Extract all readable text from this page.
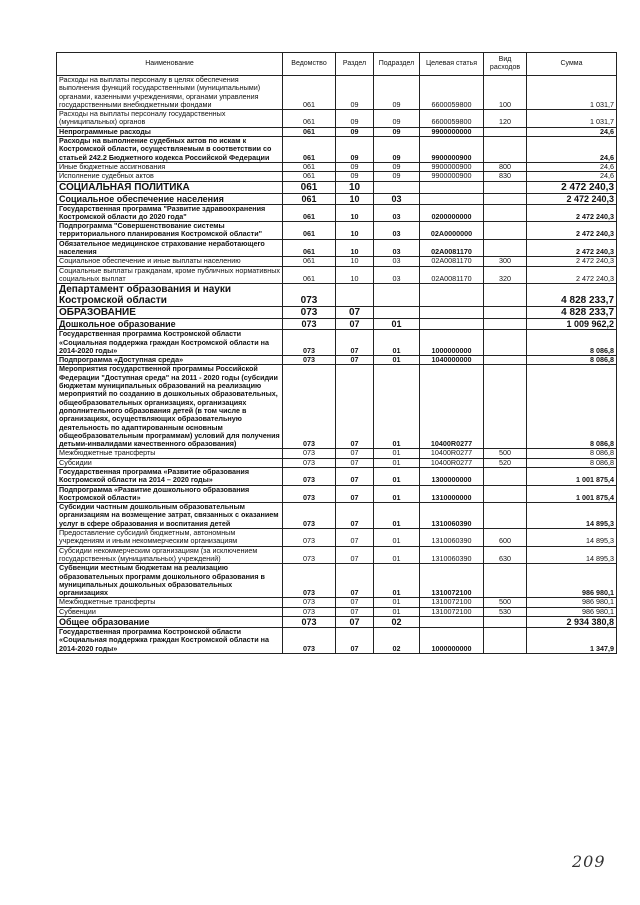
Наименование	Ведомство	Раздел	Подраздел	Целевая статья	Вид расходов	Сумма
Расходы на выплаты персоналу в целях обеспечения выполнения функций государственными (муниципальными) органами, казенными учреждениями, органами управления государственными внебюджетными фондами	061	09	09	6600059800	100	1 031,7
Расходы на выплаты персоналу государственных (муниципальных) органов	061	09	09	6600059800	120	1 031,7
Непрограммные расходы	061	09	09	9900000000		24,6
Расходы на выполнение судебных актов по искам к Костромской области, осуществляемым в соответствии со статьей 242.2 Бюджетного кодекса Российской Федерации	061	09	09	9900000900		24,6
Иные бюджетные ассигнования	061	09	09	9900000900	800	24,6
Исполнение судебных актов	061	09	09	9900000900	830	24,6
СОЦИАЛЬНАЯ ПОЛИТИКА	061	10				2 472 240,3
Социальное обеспечение населения	061	10	03			2 472 240,3
Государственная программа "Развитие здравоохранения Костромской области до 2020 года"	061	10	03	0200000000		2 472 240,3
Подпрограмма "Совершенствование системы территориального планирования Костромской области"	061	10	03	02А0000000		2 472 240,3
Обязательное медицинское страхование неработающего населения	061	10	03	02А0081170		2 472 240,3
Социальное обеспечение и иные выплаты населению	061	10	03	02А0081170	300	2 472 240,3
Социальные выплаты гражданам, кроме публичных нормативных социальных выплат	061	10	03	02А0081170	320	2 472 240,3
Департамент образования и науки Костромской области	073					4 828 233,7
ОБРАЗОВАНИЕ	073	07				4 828 233,7
Дошкольное образование	073	07	01			1 009 962,2
Государственная программа Костромской области «Социальная поддержка граждан Костромской области на 2014-2020 годы»	073	07	01	1000000000		8 086,8
Подпрограмма «Доступная среда»	073	07	01	1040000000		8 086,8
Мероприятия государственной программы Российской Федерации "Доступная среда" на 2011 - 2020 годы (субсидии бюджетам муниципальных образований на реализацию мероприятий по созданию в дошкольных образовательных, общеобразовательных организациях, организациях дополнительного образования детей (в том числе в организациях, осуществляющих образовательную деятельность по адаптированным основным общеобразовательным программам) условий для получения детьми-инвалидами качественного образования)	073	07	01	10400R0277		8 086,8
Межбюджетные трансферты	073	07	01	10400R0277	500	8 086,8
Субсидии	073	07	01	10400R0277	520	8 086,8
Государственная программа «Развитие образования Костромской области на 2014 – 2020 годы»	073	07	01	1300000000		1 001 875,4
Подпрограмма «Развитие дошкольного образования Костромской области»	073	07	01	1310000000		1 001 875,4
Субсидии частным дошкольным образовательным организациям на возмещение затрат, связанных с оказанием услуг в сфере образования и воспитания детей	073	07	01	1310060390		14 895,3
Предоставление субсидий бюджетным, автономным учреждениям и иным некоммерческим организациям	073	07	01	1310060390	600	14 895,3
Субсидии некоммерческим организациям (за исключением государственных (муниципальных) учреждений)	073	07	01	1310060390	630	14 895,3
Субвенции местным бюджетам на реализацию образовательных программ дошкольного образования в муниципальных дошкольных образовательных организациях	073	07	01	1310072100		986 980,1
Межбюджетные трансферты	073	07	01	1310072100	500	986 980,1
Субвенции	073	07	01	1310072100	530	986 980,1
Общее образование	073	07	02			2 934 380,8
Государственная программа Костромской области «Социальная поддержка граждан Костромской области на 2014-2020 годы»	073	07	02	1000000000		1 347,9
209
